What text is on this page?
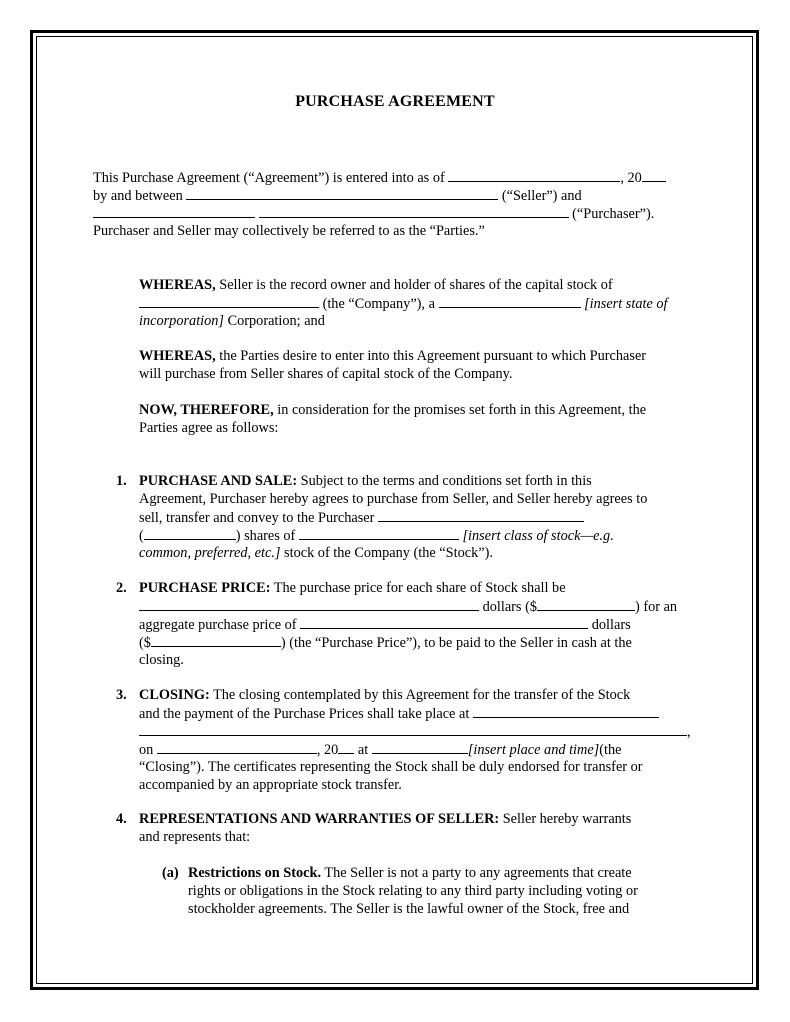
PURCHASE AGREEMENT
This Purchase Agreement (“Agreement”) is entered into as of	, 20
by and between	(“Seller”) and
(“Purchaser”).
Purchaser and Seller may collectively be referred to as the “Parties.”
WHEREAS, Seller is the record owner and holder of shares of the capital stock of
(the “Company”), a	[insert state of
incorporation] Corporation; and
WHEREAS, the Parties desire to enter into this Agreement pursuant to which Purchaser
will purchase from Seller shares of capital stock of the Company.
NOW, THEREFORE, in consideration for the promises set forth in this Agreement, the
Parties agree as follows:
1. PURCHASE AND SALE: Subject to the terms and conditions set forth in this
Agreement, Purchaser hereby agrees to purchase from Seller, and Seller hereby agrees to
sell, transfer and convey to the Purchaser
(	) shares of	[insert class of stock—e.g.
common, preferred, etc.] stock of the Company (the “Stock”).
2. PURCHASE PRICE: The purchase price for each share of Stock shall be
dollars ($	) for an
aggregate purchase price of	dollars
($	) (the “Purchase Price”), to be paid to the Seller in cash at the
closing.
3. CLOSING: The closing contemplated by this Agreement for the transfer of the Stock
and the payment of the Purchase Prices shall take place at
,
on	, 20 at	[insert place and time](the
“Closing”). The certificates representing the Stock shall be duly endorsed for transfer or
accompanied by an appropriate stock transfer.
4. REPRESENTATIONS AND WARRANTIES OF SELLER: Seller hereby warrants
and represents that:
(a) Restrictions on Stock. The Seller is not a party to any agreements that create
rights or obligations in the Stock relating to any third party including voting or
stockholder agreements. The Seller is the lawful owner of the Stock, free and
